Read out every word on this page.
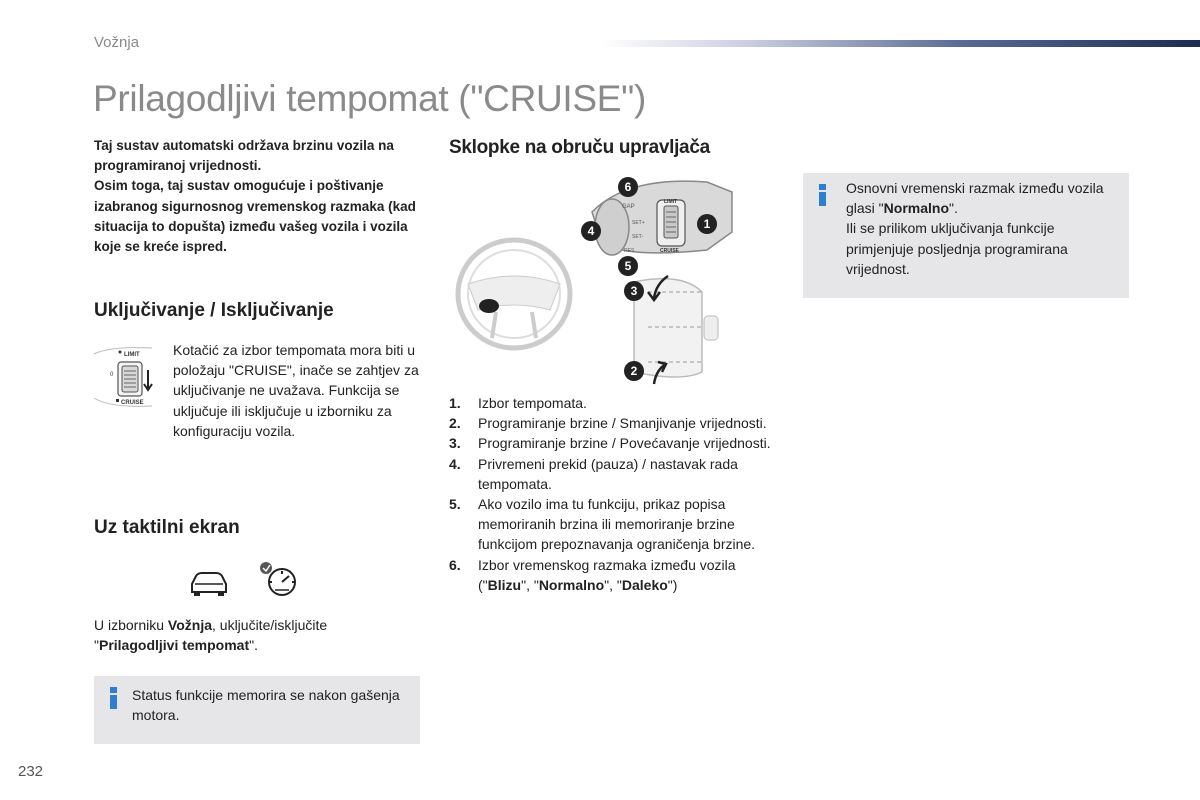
Vožnja
Prilagodljivi tempomat ("CRUISE")

Taj sustav automatski održava brzinu vozila na programiranoj vrijednosti.

Osim toga, taj sustav omogućuje i poštivanje izabranog sigurnosnog vremenskog razmaka (kad situacija to dopušta) između vašeg vozila i vozila koje se kreće ispred.

Uključivanje / Isključivanje
LIMIT
0
CRUISE
Kotačić za izbor tempomata mora biti u položaju "CRUISE", inače se zahtjev za uključivanje ne uvažava. Funkcija se uključuje ili isključuje u izborniku za konfiguraciju vozila.
Uz taktilni ekran
U izborniku Vožnja, uključite/isključite "Prilagodljivi tempomat".
Status funkcije memorira se nakon gašenja motora.
Sklopke na obruču upravljača
LIMIT
CRUISE
GAP
SET+
SET-
RES
1
2
3
4
5
6
1. Izbor tempomata.
2. Programiranje brzine / Smanjivanje vrijednosti.
3. Programiranje brzine / Povećavanje vrijednosti.
4. Privremeni prekid (pauza) / nastavak rada tempomata.
5. Ako vozilo ima tu funkciju, prikaz popisa memoriranih brzina ili memoriranje brzine funkcijom prepoznavanja ograničenja brzine.
6. Izbor vremenskog razmaka između vozila ("Blizu", "Normalno", "Daleko")
Osnovni vremenski razmak između vozila glasi "Normalno".
Ili se prilikom uključivanja funkcije primjenjuje posljednja programirana vrijednost.
232
